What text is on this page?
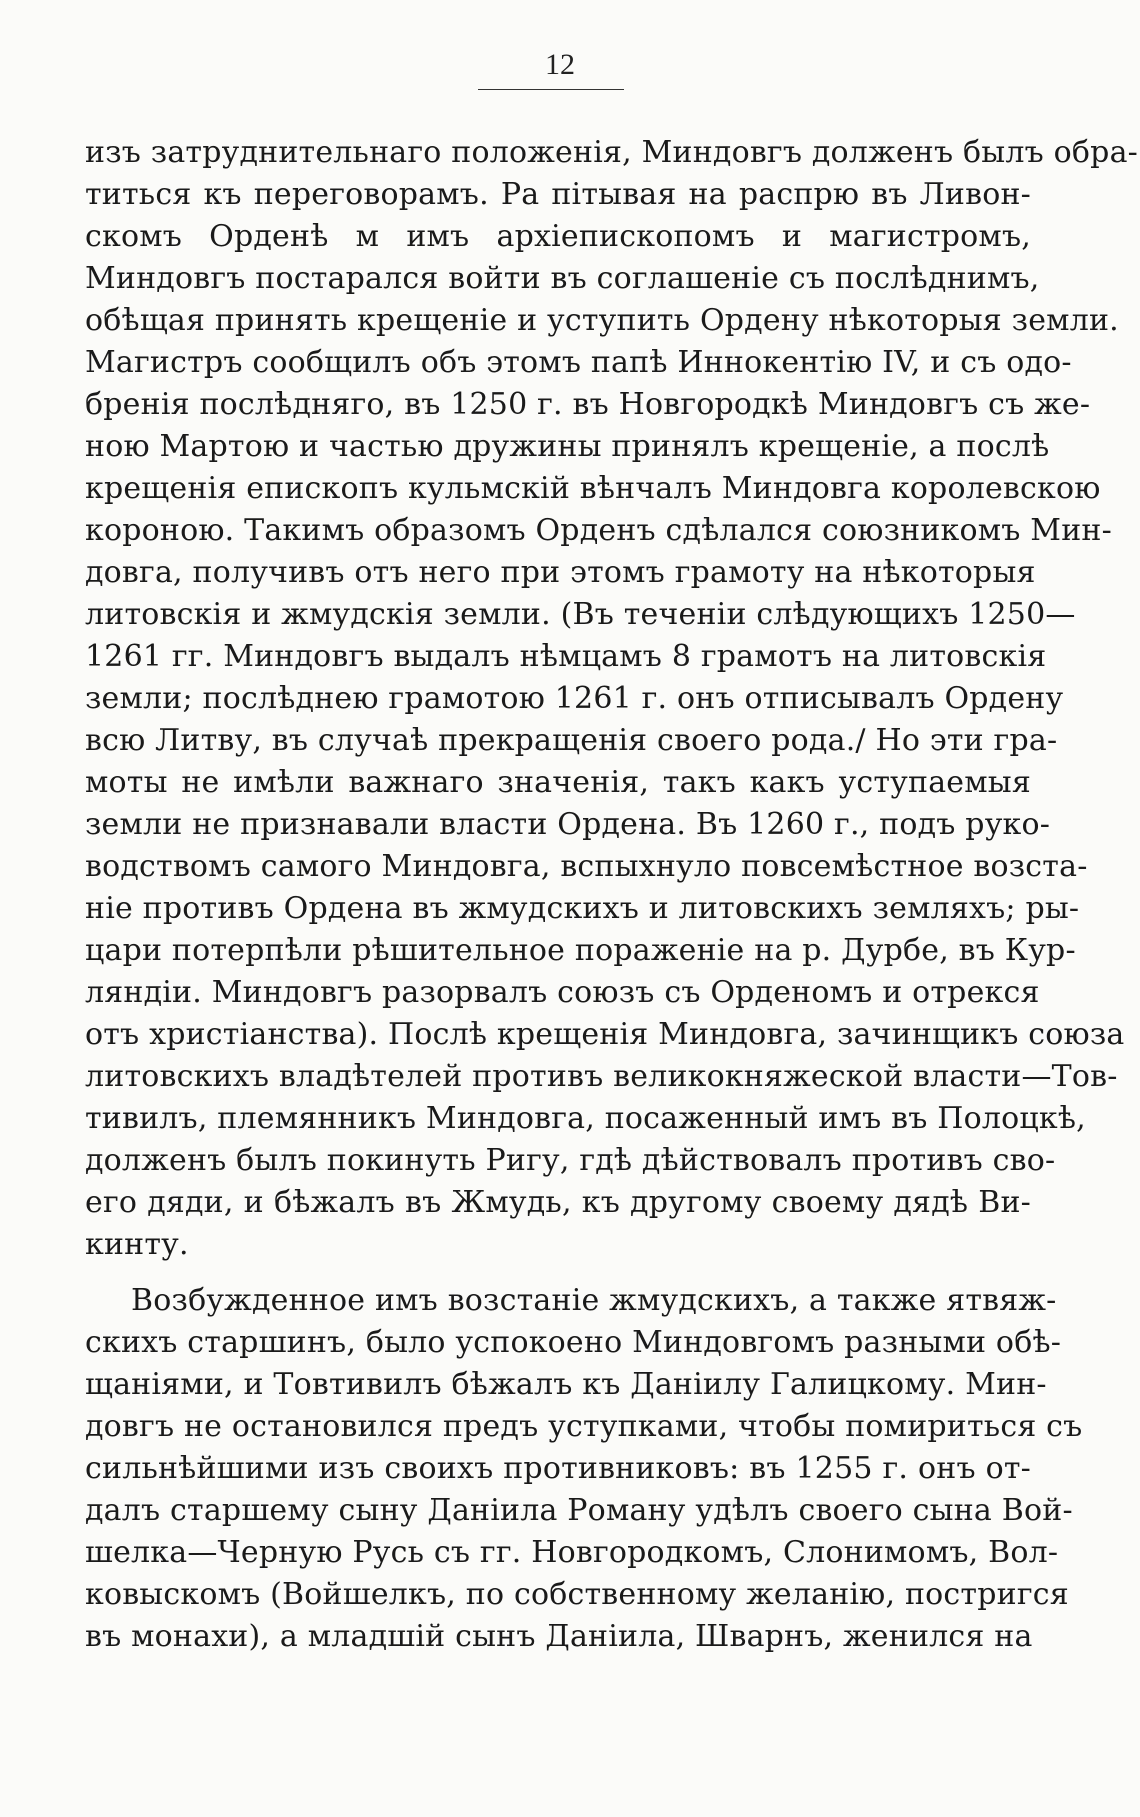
12
изъ затруднительнаго положенія, Миндовгъ долженъ былъ обра-
титься къ переговорамъ. Ра пітывая на распрю въ Ливон-
скомъ Орденѣ м имъ архіепископомъ и магистромъ,
Миндовгъ постарался войти въ соглашеніе съ послѣднимъ,
обѣщая принять крещеніе и уступить Ордену нѣкоторыя земли.
Магистръ сообщилъ объ этомъ папѣ Иннокентію IV, и съ одо-
бренія послѣдняго, въ 1250 г. въ Новгородкѣ Миндовгъ съ же-
ною Мартою и частью дружины принялъ крещеніе, а послѣ
крещенія епископъ кульмскій вѣнчалъ Миндовга королевскою
короною. Такимъ образомъ Орденъ сдѣлался союзникомъ Мин-
довга, получивъ отъ него при этомъ грамоту на нѣкоторыя
литовскія и жмудскія земли. (Въ теченіи слѣдующихъ 1250—
1261 гг. Миндовгъ выдалъ нѣмцамъ 8 грамотъ на литовскія
земли; послѣднею грамотою 1261 г. онъ отписывалъ Ордену
всю Литву, въ случаѣ прекращенія своего рода./ Но эти гра-
моты не имѣли важнаго значенія, такъ какъ уступаемыя
земли не признавали власти Ордена. Въ 1260 г., подъ руко-
водствомъ самого Миндовга, вспыхнуло повсемѣстное возста-
ніе противъ Ордена въ жмудскихъ и литовскихъ земляхъ; ры-
цари потерпѣли рѣшительное пораженіе на р. Дурбе, въ Кур-
ляндіи. Миндовгъ разорвалъ союзъ съ Орденомъ и отрекся
отъ христіанства). Послѣ крещенія Миндовга, зачинщикъ союза
литовскихъ владѣтелей противъ великокняжеской власти—Тов-
тивилъ, племянникъ Миндовга, посаженный имъ въ Полоцкѣ,
долженъ былъ покинуть Ригу, гдѣ дѣйствовалъ противъ сво-
его дяди, и бѣжалъ въ Жмудь, къ другому своему дядѣ Ви-
кинту.
Возбужденное имъ возстаніе жмудскихъ, а также ятвяж-
скихъ старшинъ, было успокоено Миндовгомъ разными обѣ-
щаніями, и Товтивилъ бѣжалъ къ Даніилу Галицкому. Мин-
довгъ не остановился предъ уступками, чтобы помириться съ
сильнѣйшими изъ своихъ противниковъ: въ 1255 г. онъ от-
далъ старшему сыну Даніила Роману удѣлъ своего сына Вой-
шелка—Черную Русь съ гг. Новгородкомъ, Слонимомъ, Вол-
ковыскомъ (Войшелкъ, по собственному желанію, постригся
въ монахи), а младшій сынъ Даніила, Шварнъ, женился на
